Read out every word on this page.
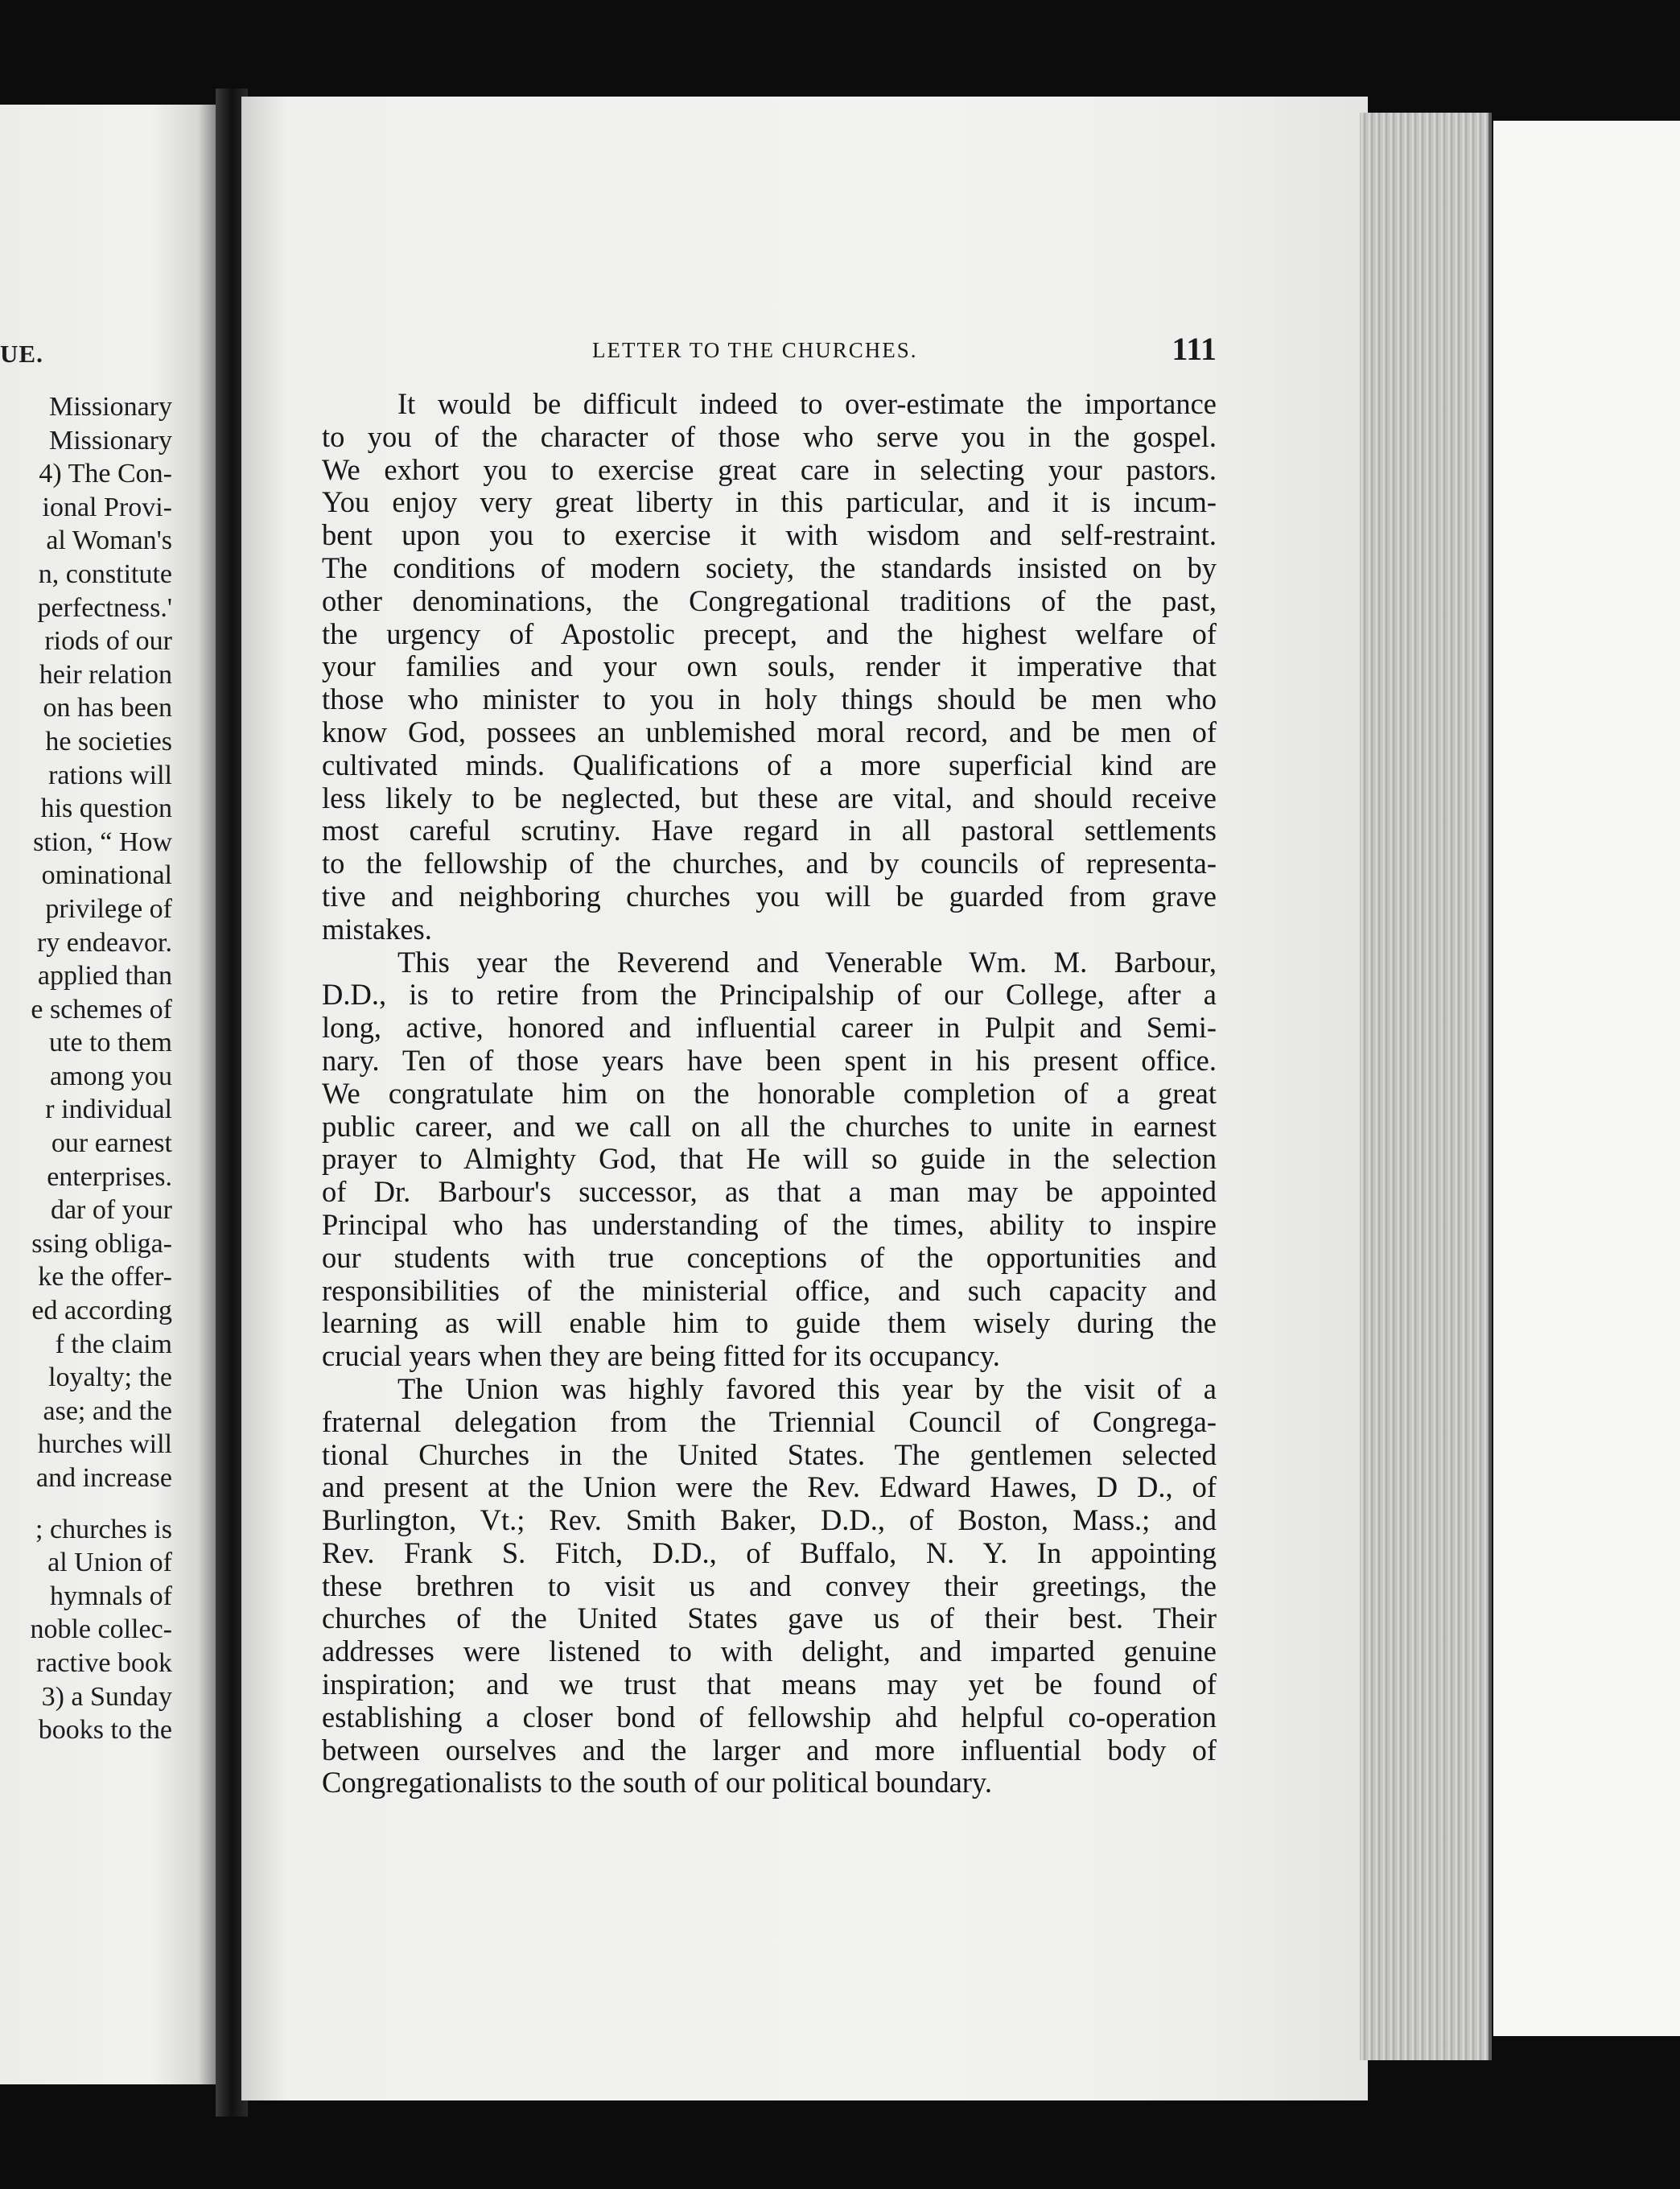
UE.
Missionary
Missionary
4) The Con-
ional Provi-
al Woman's
n, constitute
perfectness.'
riods of our
heir relation
on has been
he societies
rations will
his question
stion, “ How
ominational
privilege of
ry endeavor.
applied than
e schemes of
ute to them
among you
r individual
our earnest
enterprises.
dar of your
ssing obliga-
ke the offer-
ed according
f the claim
loyalty; the
ase; and the
hurches will
and increase
; churches is
al Union of
hymnals of
noble collec-
ractive book
3) a Sunday
books to the
LETTER TO THE CHURCHES.	111
It would be difficult indeed to over-estimate the importance
to you of the character of those who serve you in the gospel.
We exhort you to exercise great care in selecting your pastors.
You enjoy very great liberty in this particular, and it is incum-
bent upon you to exercise it with wisdom and self-restraint.
The conditions of modern society, the standards insisted on by
other denominations, the Congregational traditions of the past,
the urgency of Apostolic precept, and the highest welfare of
your families and your own souls, render it imperative that
those who minister to you in holy things should be men who
know God, possees an unblemished moral record, and be men of
cultivated minds. Qualifications of a more superficial kind are
less likely to be neglected, but these are vital, and should receive
most careful scrutiny. Have regard in all pastoral settlements
to the fellowship of the churches, and by councils of representa-
tive and neighboring churches you will be guarded from grave
mistakes.
This year the Reverend and Venerable Wm. M. Barbour,
D.D., is to retire from the Principalship of our College, after a
long, active, honored and influential career in Pulpit and Semi-
nary. Ten of those years have been spent in his present office.
We congratulate him on the honorable completion of a great
public career, and we call on all the churches to unite in earnest
prayer to Almighty God, that He will so guide in the selection
of Dr. Barbour's successor, as that a man may be appointed
Principal who has understanding of the times, ability to inspire
our students with true conceptions of the opportunities and
responsibilities of the ministerial office, and such capacity and
learning as will enable him to guide them wisely during the
crucial years when they are being fitted for its occupancy.
The Union was highly favored this year by the visit of a
fraternal delegation from the Triennial Council of Congrega-
tional Churches in the United States. The gentlemen selected
and present at the Union were the Rev. Edward Hawes, D D., of
Burlington, Vt.; Rev. Smith Baker, D.D., of Boston, Mass.; and
Rev. Frank S. Fitch, D.D., of Buffalo, N. Y. In appointing
these brethren to visit us and convey their greetings, the
churches of the United States gave us of their best. Their
addresses were listened to with delight, and imparted genuine
inspiration; and we trust that means may yet be found of
establishing a closer bond of fellowship ahd helpful co-operation
between ourselves and the larger and more influential body of
Congregationalists to the south of our political boundary.
